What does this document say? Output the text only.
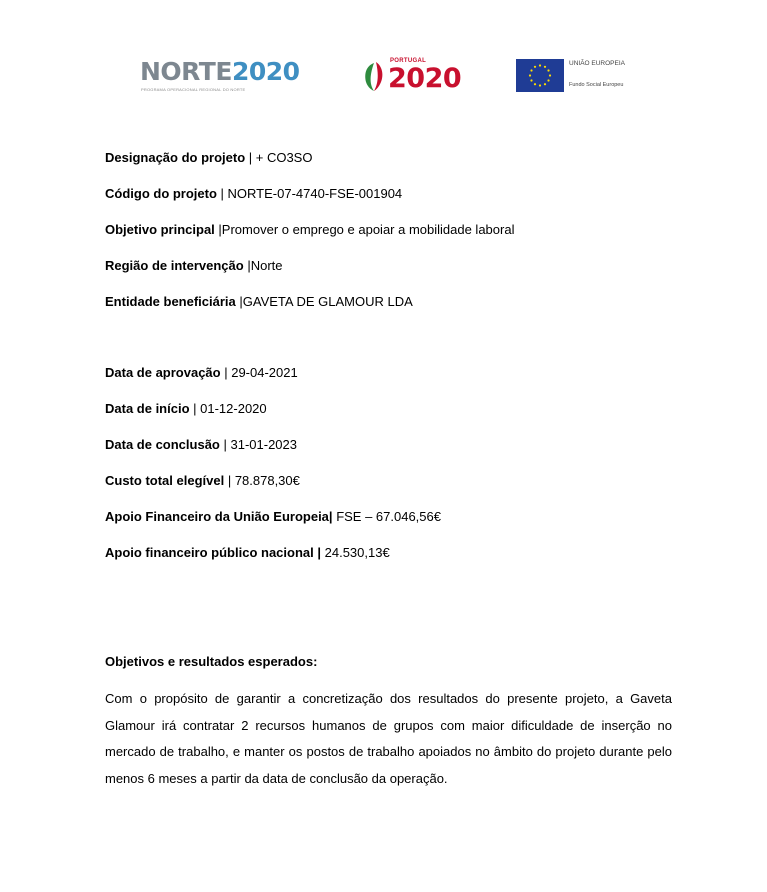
NORTE2020
PROGRAMA OPERACIONAL REGIONAL DO NORTE
PORTUGAL
2020	UNIÃO EUROPEIA
Fundo Social Europeu
Designação do projeto | + CO3SO
Código do projeto | NORTE-07-4740-FSE-001904
Objetivo principal |Promover o emprego e apoiar a mobilidade laboral
Região de intervenção |Norte
Entidade beneficiária |GAVETA DE GLAMOUR LDA
Data de aprovação | 29-04-2021
Data de início | 01-12-2020
Data de conclusão | 31-01-2023
Custo total elegível | 78.878,30€
Apoio Financeiro da União Europeia| FSE – 67.046,56€
Apoio financeiro público nacional | 24.530,13€
Objetivos e resultados esperados:
Com o propósito de garantir a concretização dos resultados do presente projeto, a Gaveta Glamour irá contratar 2 recursos humanos de grupos com maior dificuldade de inserção no mercado de trabalho, e manter os postos de trabalho apoiados no âmbito do projeto durante pelo menos 6 meses a partir da data de conclusão da operação.
